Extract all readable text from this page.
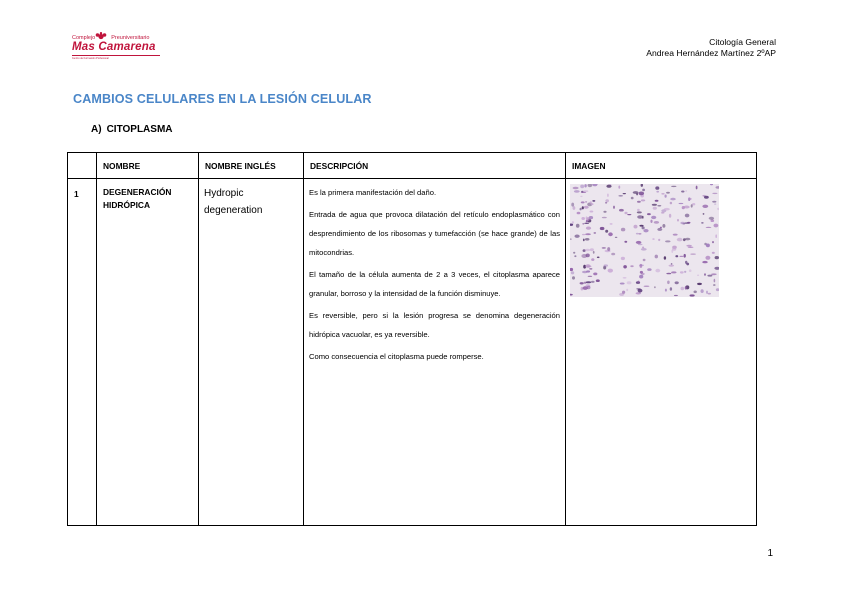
Complejo	Preuniversitario
Mas Camarena
Centro de Formación Profesional
Citología General
Andrea Hernández Martínez 2ºAP
CAMBIOS CELULARES EN LA LESIÓN CELULAR
A) CITOPLASMA
	NOMBRE	NOMBRE INGLÉS	DESCRIPCIÓN	IMAGEN
1	DEGENERACIÓN HIDRÓPICA	Hydropic degeneration	Es la primera manifestación del daño.

Entrada de agua que provoca dilatación del retículo endoplasmático con desprendimiento de los ribosomas y tumefacción (se hace grande) de las mitocondrias.

El tamaño de la célula aumenta de 2 a 3 veces, el citoplasma aparece granular, borroso y la intensidad de la función disminuye.

Es reversible, pero si la lesión progresa se denomina degeneración hidrópica vacuolar, es ya reversible.

Como consecuencia el citoplasma puede romperse.

1
